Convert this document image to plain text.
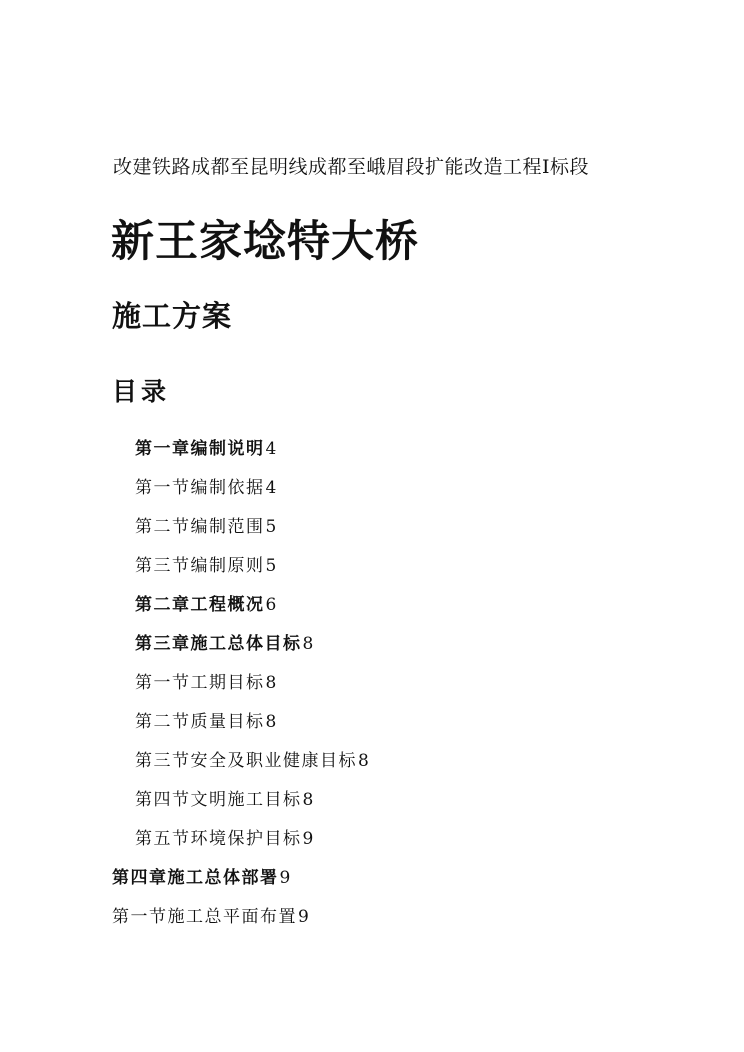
改建铁路成都至昆明线成都至峨眉段扩能改造工程Ⅰ标段
新王家埝特大桥
施工方案
目录
第一章编制说明4
第一节编制依据4
第二节编制范围5
第三节编制原则5
第二章工程概况6
第三章施工总体目标8
第一节工期目标8
第二节质量目标8
第三节安全及职业健康目标8
第四节文明施工目标8
第五节环境保护目标9
第四章施工总体部署9
第一节施工总平面布置9
